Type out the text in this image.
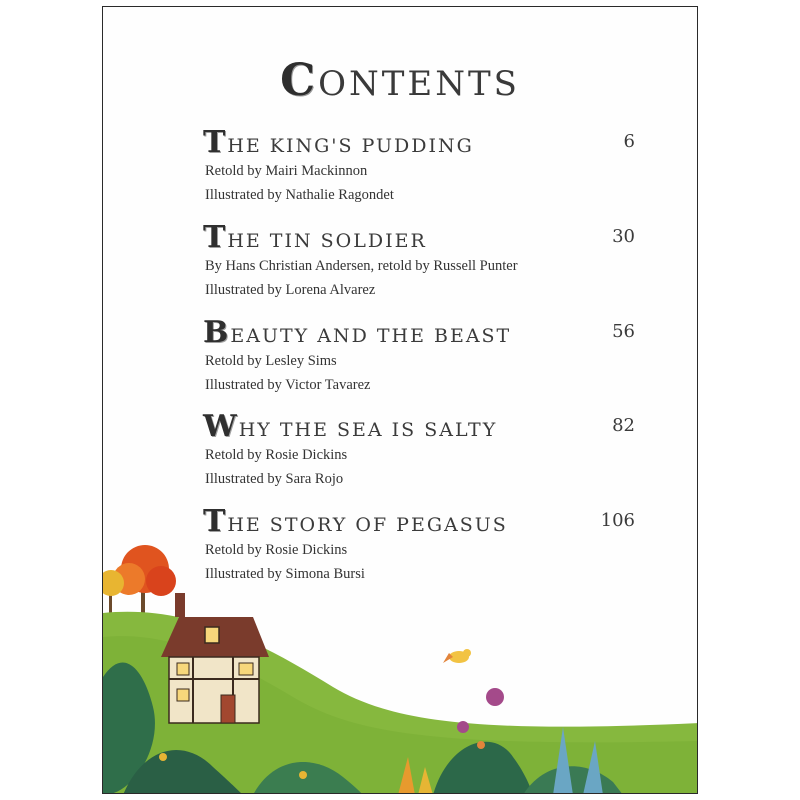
CONTENTS
THE KING'S PUDDING	6
Retold by Mairi Mackinnon
Illustrated by Nathalie Ragondet
THE TIN SOLDIER	30
By Hans Christian Andersen, retold by Russell Punter
Illustrated by Lorena Alvarez
BEAUTY AND THE BEAST	56
Retold by Lesley Sims
Illustrated by Victor Tavarez
WHY THE SEA IS SALTY	82
Retold by Rosie Dickins
Illustrated by Sara Rojo
THE STORY OF PEGASUS	106
Retold by Rosie Dickins
Illustrated by Simona Bursi
